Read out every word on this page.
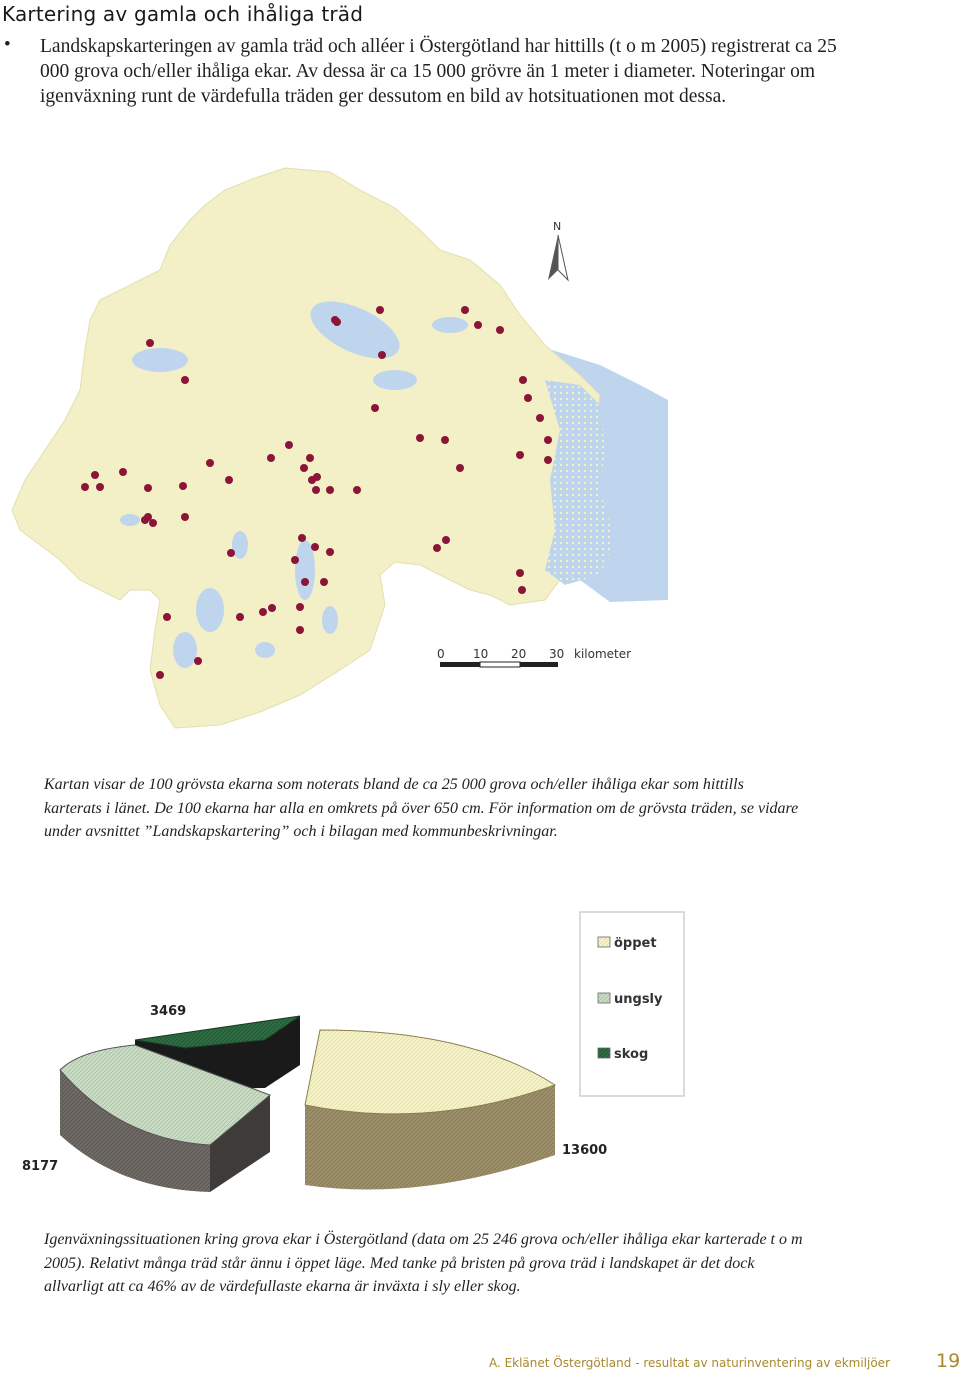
Kartering av gamla och ihåliga träd
• Landskapskarteringen av gamla träd och alléer i Östergötland har hittills (t o m 2005) registrerat ca 25 000 grova och/eller ihåliga ekar. Av dessa är ca 15 000 grövre än 1 meter i diameter. Noteringar om igenväxning runt de värdefulla träden ger dessutom en bild av hotsituationen mot dessa.
N
0 10 20 30 kilometer
Kartan visar de 100 grövsta ekarna som noterats bland de ca 25 000 grova och/eller ihåliga ekar som hittills karterats i länet. De 100 ekarna har alla en omkrets på över 650 cm. För information om de grövsta träden, se vidare under avsnittet ”Landskapskartering” och i bilagan med kommunbeskrivningar.
öppet
ungsly
skog
3469
8177
13600
Igenväxningssituationen kring grova ekar i Östergötland (data om 25 246 grova och/eller ihåliga ekar karterade t o m 2005). Relativt många träd står ännu i öppet läge. Med tanke på bristen på grova träd i landskapet är det dock allvarligt att ca 46% av de värdefullaste ekarna är inväxta i sly eller skog.
A. Eklänet Östergötland - resultat av naturinventering av ekmiljöer 19
